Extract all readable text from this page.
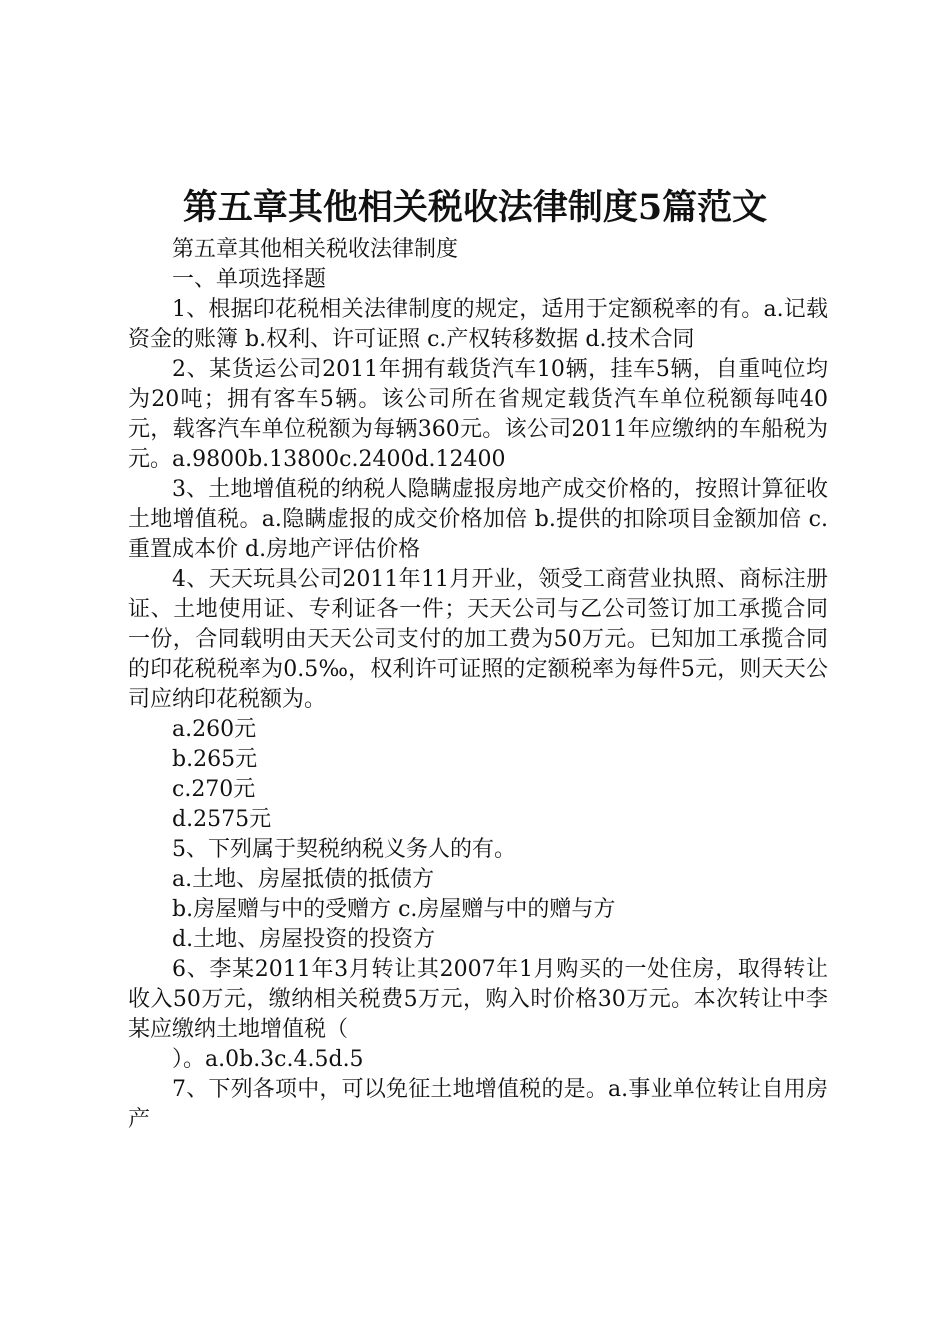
第五章其他相关税收法律制度5篇范文

第五章其他相关税收法律制度

一、单项选择题

1、根据印花税相关法律制度的规定，适用于定额税率的有。a.记载资金的账簿 b.权利、许可证照 c.产权转移数据 d.技术合同

2、某货运公司2011年拥有载货汽车10辆，挂车5辆，自重吨位均为20吨；拥有客车5辆。该公司所在省规定载货汽车单位税额每吨40元，载客汽车单位税额为每辆360元。该公司2011年应缴纳的车船税为元。a.9800b.13800c.2400d.12400

3、土地增值税的纳税人隐瞒虚报房地产成交价格的，按照计算征收土地增值税。a.隐瞒虚报的成交价格加倍 b.提供的扣除项目金额加倍 c.重置成本价 d.房地产评估价格

4、天天玩具公司2011年11月开业，领受工商营业执照、商标注册证、土地使用证、专利证各一件；天天公司与乙公司签订加工承揽合同一份，合同载明由天天公司支付的加工费为50万元。已知加工承揽合同的印花税税率为0.5‰，权利许可证照的定额税率为每件5元，则天天公司应纳印花税额为。

a.260元

b.265元

c.270元

d.2575元

5、下列属于契税纳税义务人的有。

a.土地、房屋抵债的抵债方

b.房屋赠与中的受赠方 c.房屋赠与中的赠与方

d.土地、房屋投资的投资方

6、李某2011年3月转让其2007年1月购买的一处住房，取得转让收入50万元，缴纳相关税费5万元，购入时价格30万元。本次转让中李某应缴纳土地增值税（

）。a.0b.3c.4.5d.5

7、下列各项中，可以免征土地增值税的是。a.事业单位转让自用房产
